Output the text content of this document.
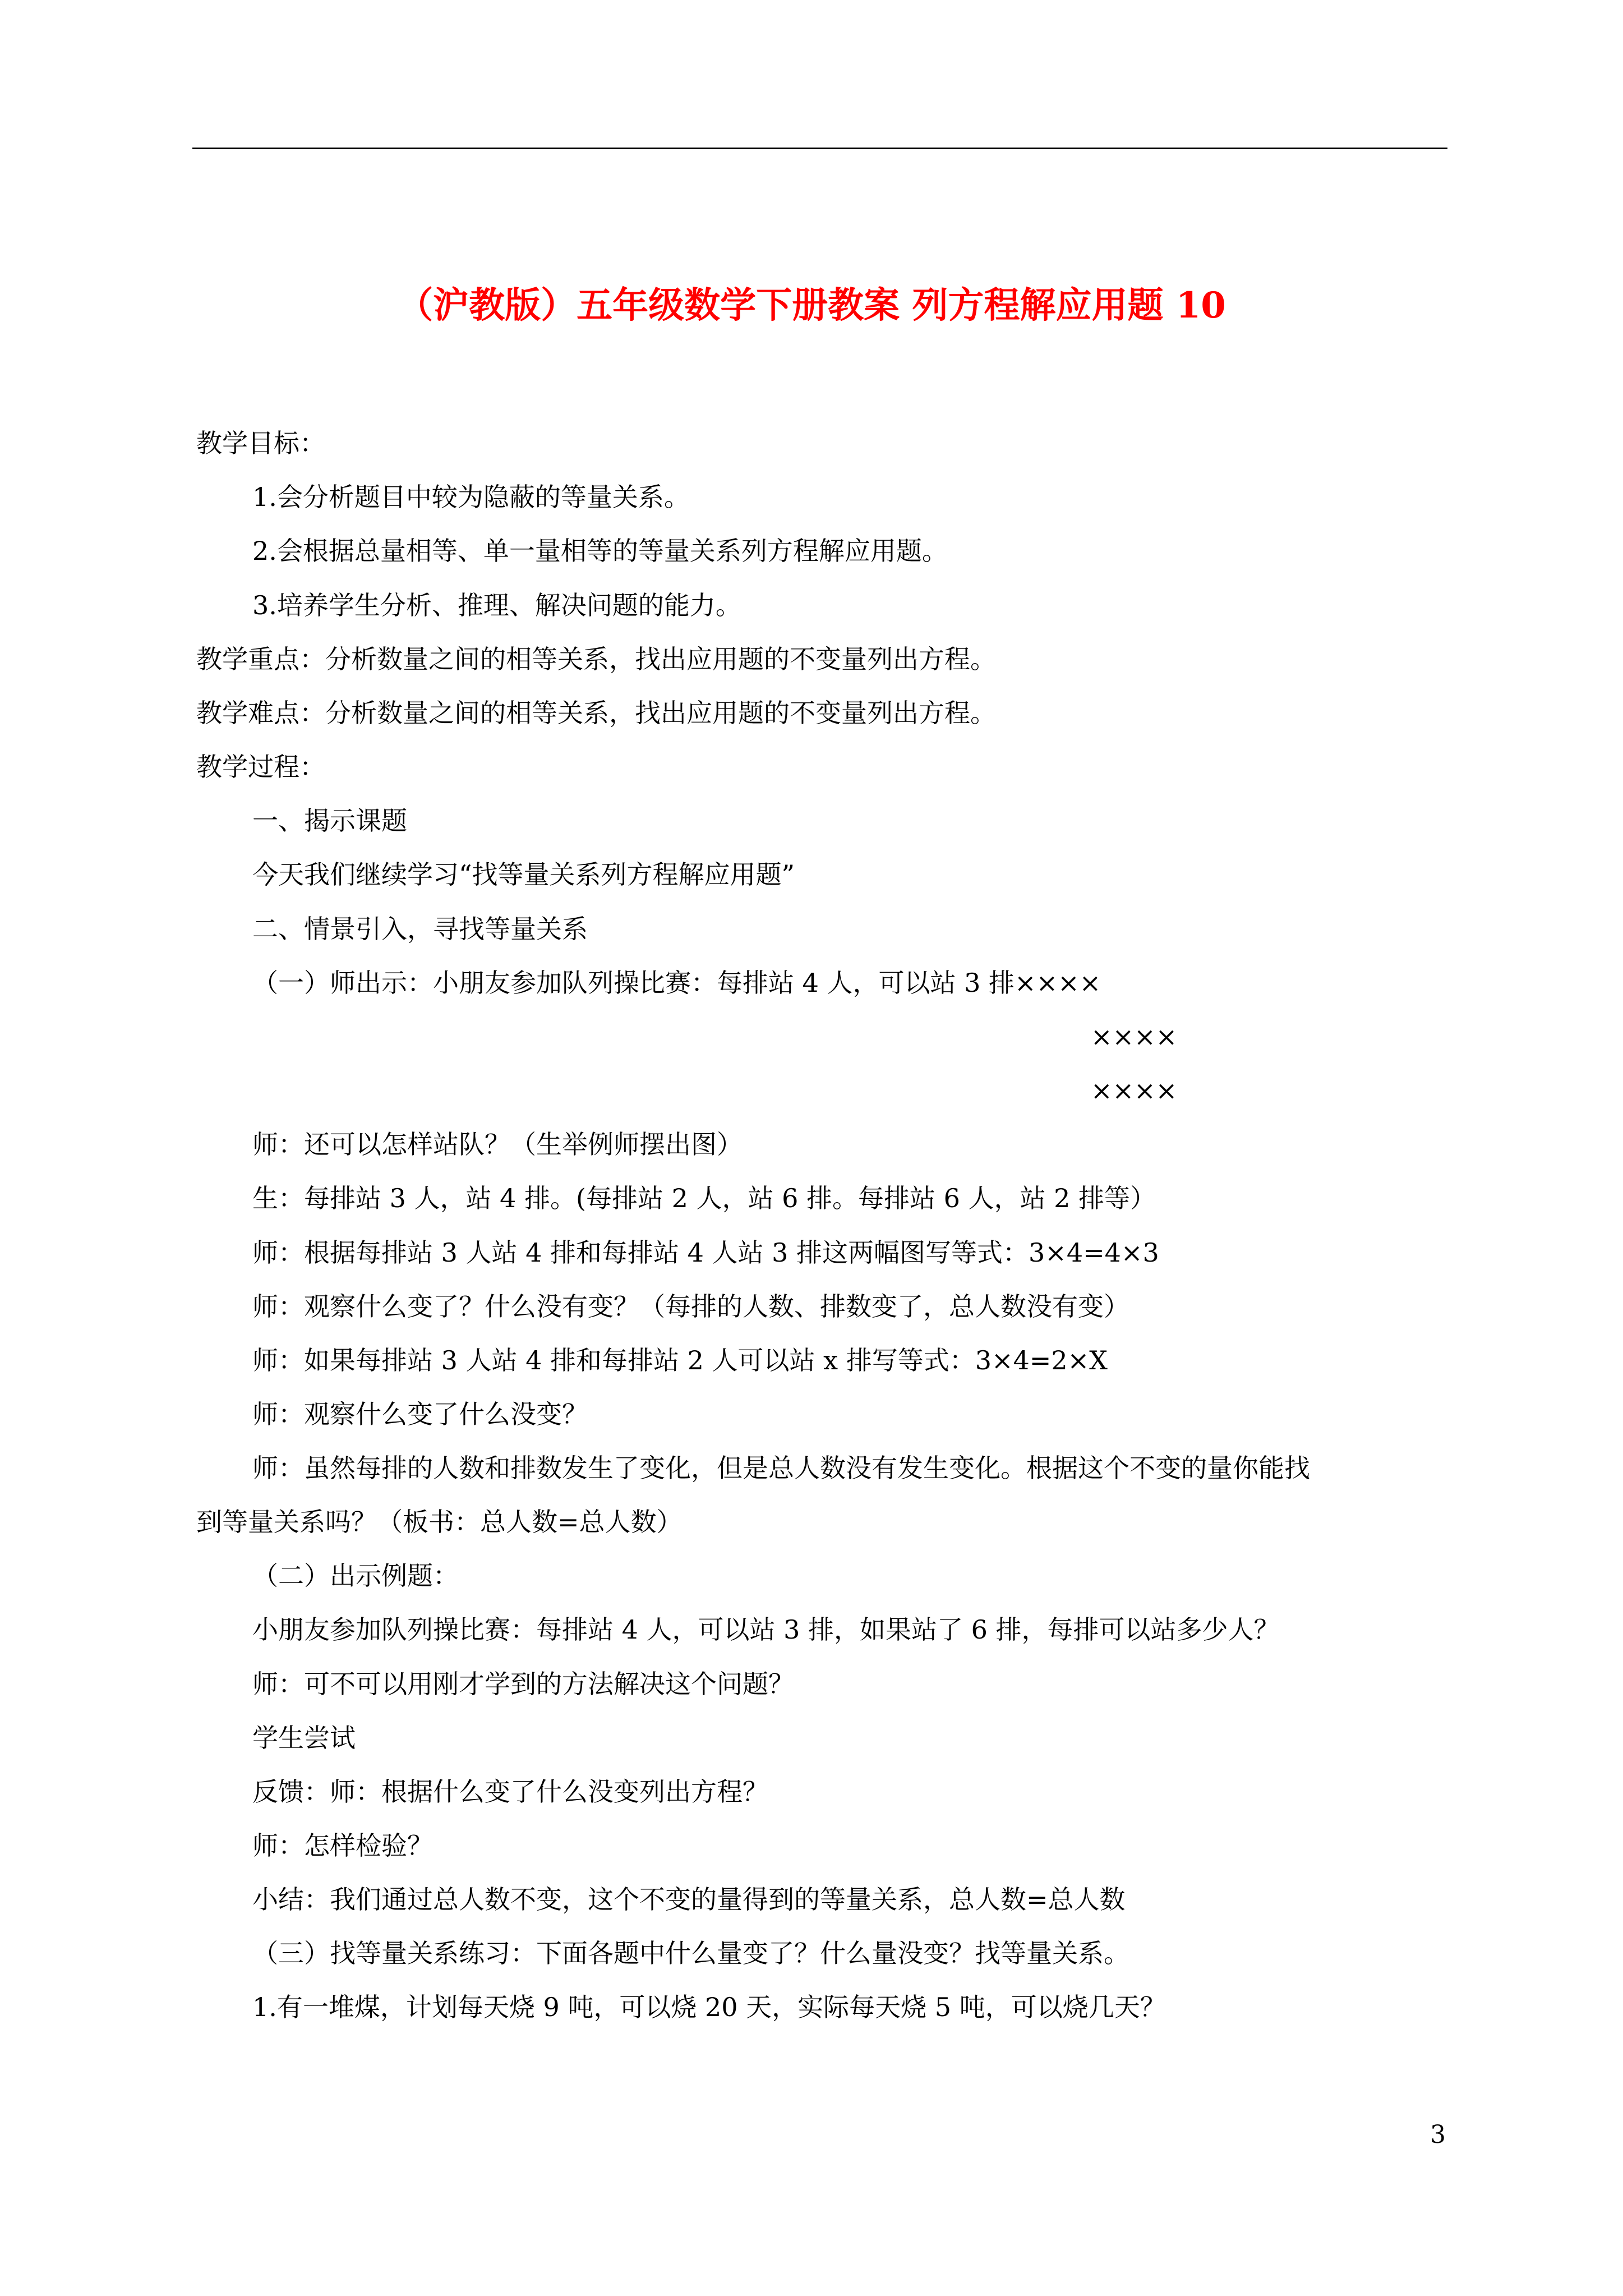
（沪教版）五年级数学下册教案 列方程解应用题 10
教学目标：
1.会分析题目中较为隐蔽的等量关系。
2.会根据总量相等、单一量相等的等量关系列方程解应用题。
3.培养学生分析、推理、解决问题的能力。
教学重点：分析数量之间的相等关系，找出应用题的不变量列出方程。
教学难点：分析数量之间的相等关系，找出应用题的不变量列出方程。
教学过程：
一、揭示课题
今天我们继续学习“找等量关系列方程解应用题”
二、情景引入，寻找等量关系
（一）师出示：小朋友参加队列操比赛：每排站 4 人，可以站 3 排××××
××××
××××
师：还可以怎样站队？（生举例师摆出图）
生：每排站 3 人，站 4 排。(每排站 2 人，站 6 排。每排站 6 人，站 2 排等）
师：根据每排站 3 人站 4 排和每排站 4 人站 3 排这两幅图写等式：3×4=4×3
师：观察什么变了？什么没有变？（每排的人数、排数变了，总人数没有变）
师：如果每排站 3 人站 4 排和每排站 2 人可以站 x 排写等式：3×4=2×X
师：观察什么变了什么没变？
师：虽然每排的人数和排数发生了变化，但是总人数没有发生变化。根据这个不变的量你能找
到等量关系吗？（板书：总人数=总人数）
（二）出示例题：
小朋友参加队列操比赛：每排站 4 人，可以站 3 排，如果站了 6 排，每排可以站多少人？
师：可不可以用刚才学到的方法解决这个问题？
学生尝试
反馈：师：根据什么变了什么没变列出方程？
师：怎样检验？
小结：我们通过总人数不变，这个不变的量得到的等量关系，总人数=总人数
（三）找等量关系练习：下面各题中什么量变了？什么量没变？找等量关系。
1.有一堆煤，计划每天烧 9 吨，可以烧 20 天，实际每天烧 5 吨，可以烧几天？
3
